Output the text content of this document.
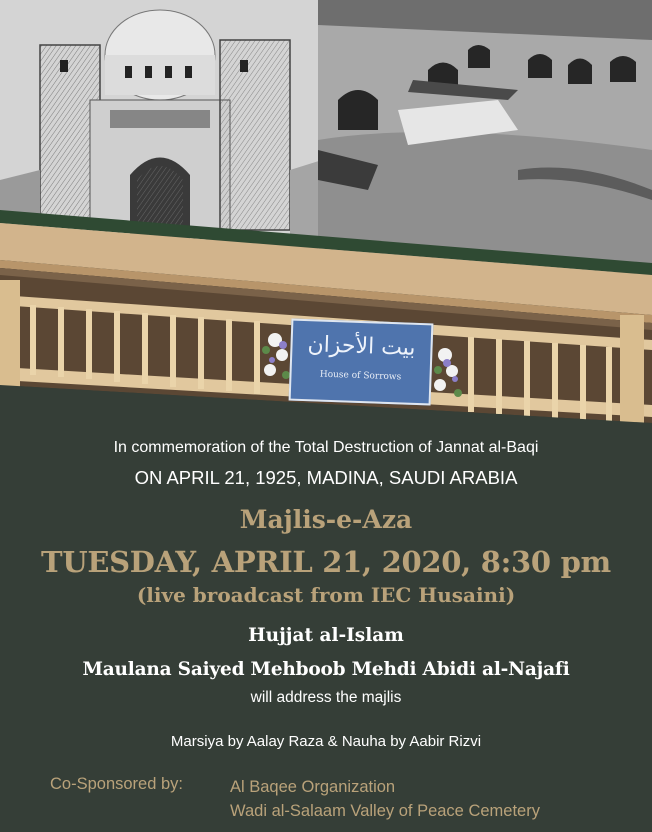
بيت الأحزان
House of Sorrows
In commemoration of the Total Destruction of Jannat al-Baqi
ON APRIL 21, 1925, MADINA, SAUDI ARABIA
Majlis-e-Aza
TUESDAY, APRIL 21, 2020, 8:30 pm
(live broadcast from IEC Husaini)
Hujjat al-Islam
Maulana Saiyed Mehboob Mehdi Abidi al-Najafi
will address the majlis
Marsiya by Aalay Raza & Nauha by Aabir Rizvi
Co-Sponsored by:	Al Baqee Organization
Wadi al-Salaam Valley of Peace Cemetery
